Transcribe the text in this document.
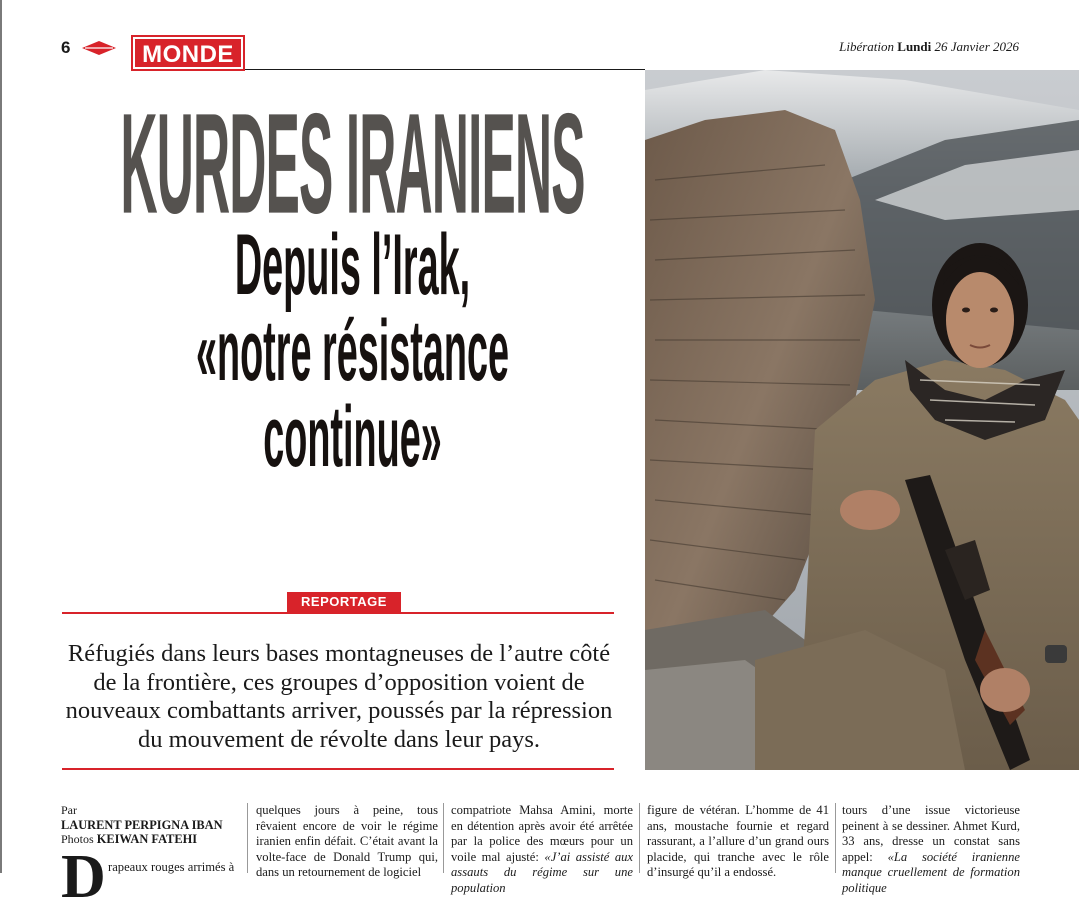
6	MONDE	Libération Lundi 26 Janvier 2026
KURDES IRANIENS
Depuis l’Irak,
«notre résistance
continue»
REPORTAGE
Réfugiés dans leurs bases montagneuses de l’autre côté de la frontière, ces groupes d’opposition voient de nouveaux combattants arriver, poussés par la répression du mouvement de révolte dans leur pays.
Par
LAURENT PERPIGNA IBAN
Photos KEIWAN FATEHI
D rapeaux rouges arrimés à
quelques jours à peine, tous rêvaient encore de voir le régime iranien enfin défait. C’était avant la volte-face de Donald Trump qui, dans un retournement de logiciel
compatriote Mahsa Amini, morte en détention après avoir été arrêtée par la police des mœurs pour un voile mal ajusté: «J’ai assisté aux assauts du régime sur une population
figure de vétéran. L’homme de 41 ans, moustache fournie et regard rassurant, a l’allure d’un grand ours placide, qui tranche avec le rôle d’insurgé qu’il a endossé.
tours d’une issue victorieuse peinent à se dessiner. Ahmet Kurd, 33 ans, dresse un constat sans appel: «La société iranienne manque cruellement de formation politique
